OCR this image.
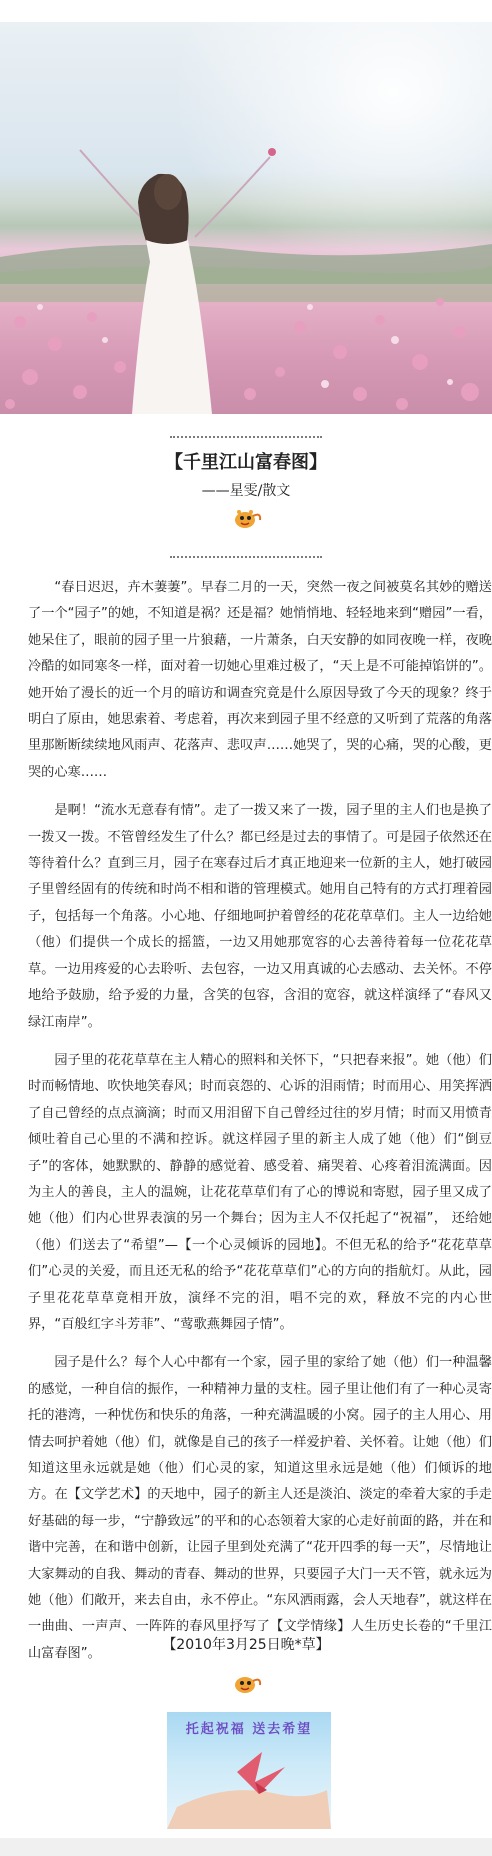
【千里江山富春图】
——星雯/散文

“春日迟迟，卉木萋萋”。早春二月的一天，突然一夜之间被莫名其妙的赠送了一个“园子”的她，不知道是祸？还是福？她悄悄地、轻轻地来到“赠园”一看，她呆住了，眼前的园子里一片狼藉，一片萧条，白天安静的如同夜晚一样，夜晚冷酷的如同寒冬一样，面对着一切她心里难过极了，“天上是不可能掉馅饼的”。她开始了漫长的近一个月的暗访和调查究竟是什么原因导致了今天的现象？终于明白了原由，她思索着、考虑着，再次来到园子里不经意的又听到了荒落的角落里那断断续续地风雨声、花落声、悲叹声……她哭了，哭的心痛，哭的心酸，更哭的心寒……

是啊！“流水无意春有情”。走了一拨又来了一拨，园子里的主人们也是换了一拨又一拨。不管曾经发生了什么？都已经是过去的事情了。可是园子依然还在等待着什么？直到三月，园子在寒春过后才真正地迎来一位新的主人，她打破园子里曾经固有的传统和时尚不相和谐的管理模式。她用自己特有的方式打理着园子，包括每一个角落。小心地、仔细地呵护着曾经的花花草草们。主人一边给她（他）们提供一个成长的摇篮，一边又用她那宽容的心去善待着每一位花花草草。一边用疼爱的心去聆听、去包容，一边又用真诚的心去感动、去关怀。不停地给予鼓励，给予爱的力量，含笑的包容，含泪的宽容，就这样演绎了“春风又绿江南岸”。

园子里的花花草草在主人精心的照料和关怀下，“只把春来报”。她（他）们时而畅情地、吹快地笑春风；时而哀怨的、心诉的泪雨情；时而用心、用笑挥洒了自己曾经的点点滴滴；时而又用泪留下自己曾经过往的岁月情；时而又用愤青倾吐着自己心里的不满和控诉。就这样园子里的新主人成了她（他）们“倒豆子”的客体，她默默的、静静的感觉着、感受着、痛哭着、心疼着泪流满面。因为主人的善良，主人的温婉，让花花草草们有了心的博说和寄慰，园子里又成了她（他）们内心世界表演的另一个舞台；因为主人不仅托起了“祝福”， 还给她（他）们送去了“希望”—【一个心灵倾诉的园地】。不但无私的给予“花花草草们”心灵的关爱，而且还无私的给予“花花草草们”心的方向的指航灯。从此，园子里花花草草竟相开放，演绎不完的泪，唱不完的欢，释放不完的内心世界，“百般红字斗芳菲”、“莺歌燕舞园子情”。

园子是什么？每个人心中都有一个家，园子里的家给了她（他）们一种温馨的感觉，一种自信的振作，一种精神力量的支柱。园子里让他们有了一种心灵寄托的港湾，一种忧伤和快乐的角落，一种充满温暖的小窝。园子的主人用心、用情去呵护着她（他）们，就像是自己的孩子一样爱护着、关怀着。让她（他）们知道这里永远就是她（他）们心灵的家，知道这里永远是她（他）们倾诉的地方。在【文学艺术】的天地中，园子的新主人还是淡泊、淡定的牵着大家的手走好基础的每一步，“宁静致远”的平和的心态领着大家的心走好前面的路，并在和谐中完善，在和谐中创新，让园子里到处充满了“花开四季的每一天”，尽情地让大家舞动的自我、舞动的青春、舞动的世界，只要园子大门一天不管，就永远为她（他）们敞开，来去自由，永不停止。“东风洒雨露，会人天地春”，就这样在一曲曲、一声声、一阵阵的春风里抒写了【文学情缘】人生历史长卷的“千里江山富春图”。

【2010年3月25日晚*草】
托起祝福 送去希望
